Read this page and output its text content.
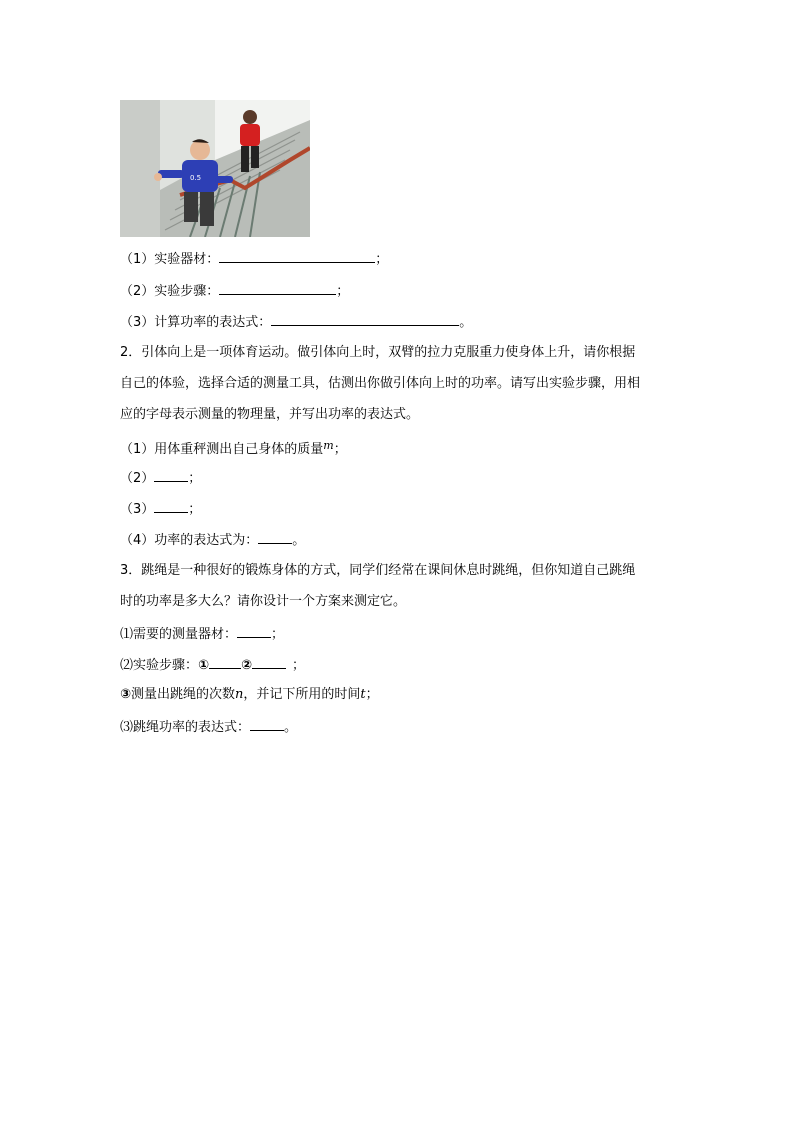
0.5
（1）实验器材：	；
（2）实验步骤：	；
（3）计算功率的表达式：	。
2．引体向上是一项体育运动。做引体向上时，双臂的拉力克服重力使身体上升，请你根据
自己的体验，选择合适的测量工具，估测出你做引体向上时的功率。请写出实验步骤，用相
应的字母表示测量的物理量，并写出功率的表达式。
（1）用体重秤测出自己身体的质量$^m$；
（2）	；
（3）	；
（4）功率的表达式为：	。
3．跳绳是一种很好的锻炼身体的方式，同学们经常在课间休息时跳绳，但你知道自己跳绳
时的功率是多大么？请你设计一个方案来测定它。
⑴需要的测量器材：	；
⑵实验步骤：① ②	；
③测量出跳绳的次数n，并记下所用的时间t；
⑶跳绳功率的表达式：	。
